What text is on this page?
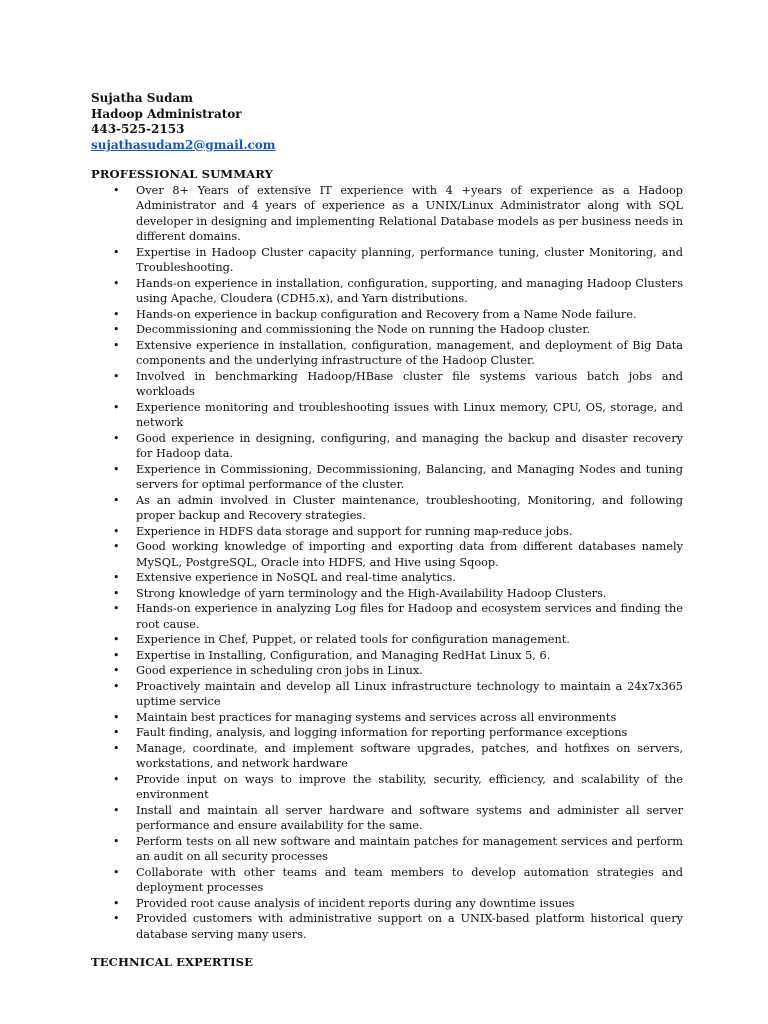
Sujatha Sudam
Hadoop Administrator
443-525-2153
sujathasudam2@gmail.com
PROFESSIONAL SUMMARY
• Over 8+ Years of extensive IT experience with 4 +years of experience as a Hadoop Administrator and 4 years of experience as a UNIX/Linux Administrator along with SQL developer in designing and implementing Relational Database models as per business needs in different domains.
• Expertise in Hadoop Cluster capacity planning, performance tuning, cluster Monitoring, and Troubleshooting.
• Hands-on experience in installation, configuration, supporting, and managing Hadoop Clusters using Apache, Cloudera (CDH5.x), and Yarn distributions.
• Hands-on experience in backup configuration and Recovery from a Name Node failure.
• Decommissioning and commissioning the Node on running the Hadoop cluster.
• Extensive experience in installation, configuration, management, and deployment of Big Data components and the underlying infrastructure of the Hadoop Cluster.
• Involved in benchmarking Hadoop/HBase cluster file systems various batch jobs and workloads
• Experience monitoring and troubleshooting issues with Linux memory, CPU, OS, storage, and network
• Good experience in designing, configuring, and managing the backup and disaster recovery for Hadoop data.
• Experience in Commissioning, Decommissioning, Balancing, and Managing Nodes and tuning servers for optimal performance of the cluster.
• As an admin involved in Cluster maintenance, troubleshooting, Monitoring, and following proper backup and Recovery strategies.
• Experience in HDFS data storage and support for running map-reduce jobs.
• Good working knowledge of importing and exporting data from different databases namely MySQL, PostgreSQL, Oracle into HDFS, and Hive using Sqoop.
• Extensive experience in NoSQL and real-time analytics.
• Strong knowledge of yarn terminology and the High-Availability Hadoop Clusters.
• Hands-on experience in analyzing Log files for Hadoop and ecosystem services and finding the root cause.
• Experience in Chef, Puppet, or related tools for configuration management.
• Expertise in Installing, Configuration, and Managing RedHat Linux 5, 6.
• Good experience in scheduling cron jobs in Linux.
• Proactively maintain and develop all Linux infrastructure technology to maintain a 24x7x365 uptime service
• Maintain best practices for managing systems and services across all environments
• Fault finding, analysis, and logging information for reporting performance exceptions
• Manage, coordinate, and implement software upgrades, patches, and hotfixes on servers, workstations, and network hardware
• Provide input on ways to improve the stability, security, efficiency, and scalability of the environment
• Install and maintain all server hardware and software systems and administer all server performance and ensure availability for the same.
• Perform tests on all new software and maintain patches for management services and perform an audit on all security processes
• Collaborate with other teams and team members to develop automation strategies and deployment processes
• Provided root cause analysis of incident reports during any downtime issues
• Provided customers with administrative support on a UNIX-based platform historical query database serving many users.
TECHNICAL EXPERTISE
